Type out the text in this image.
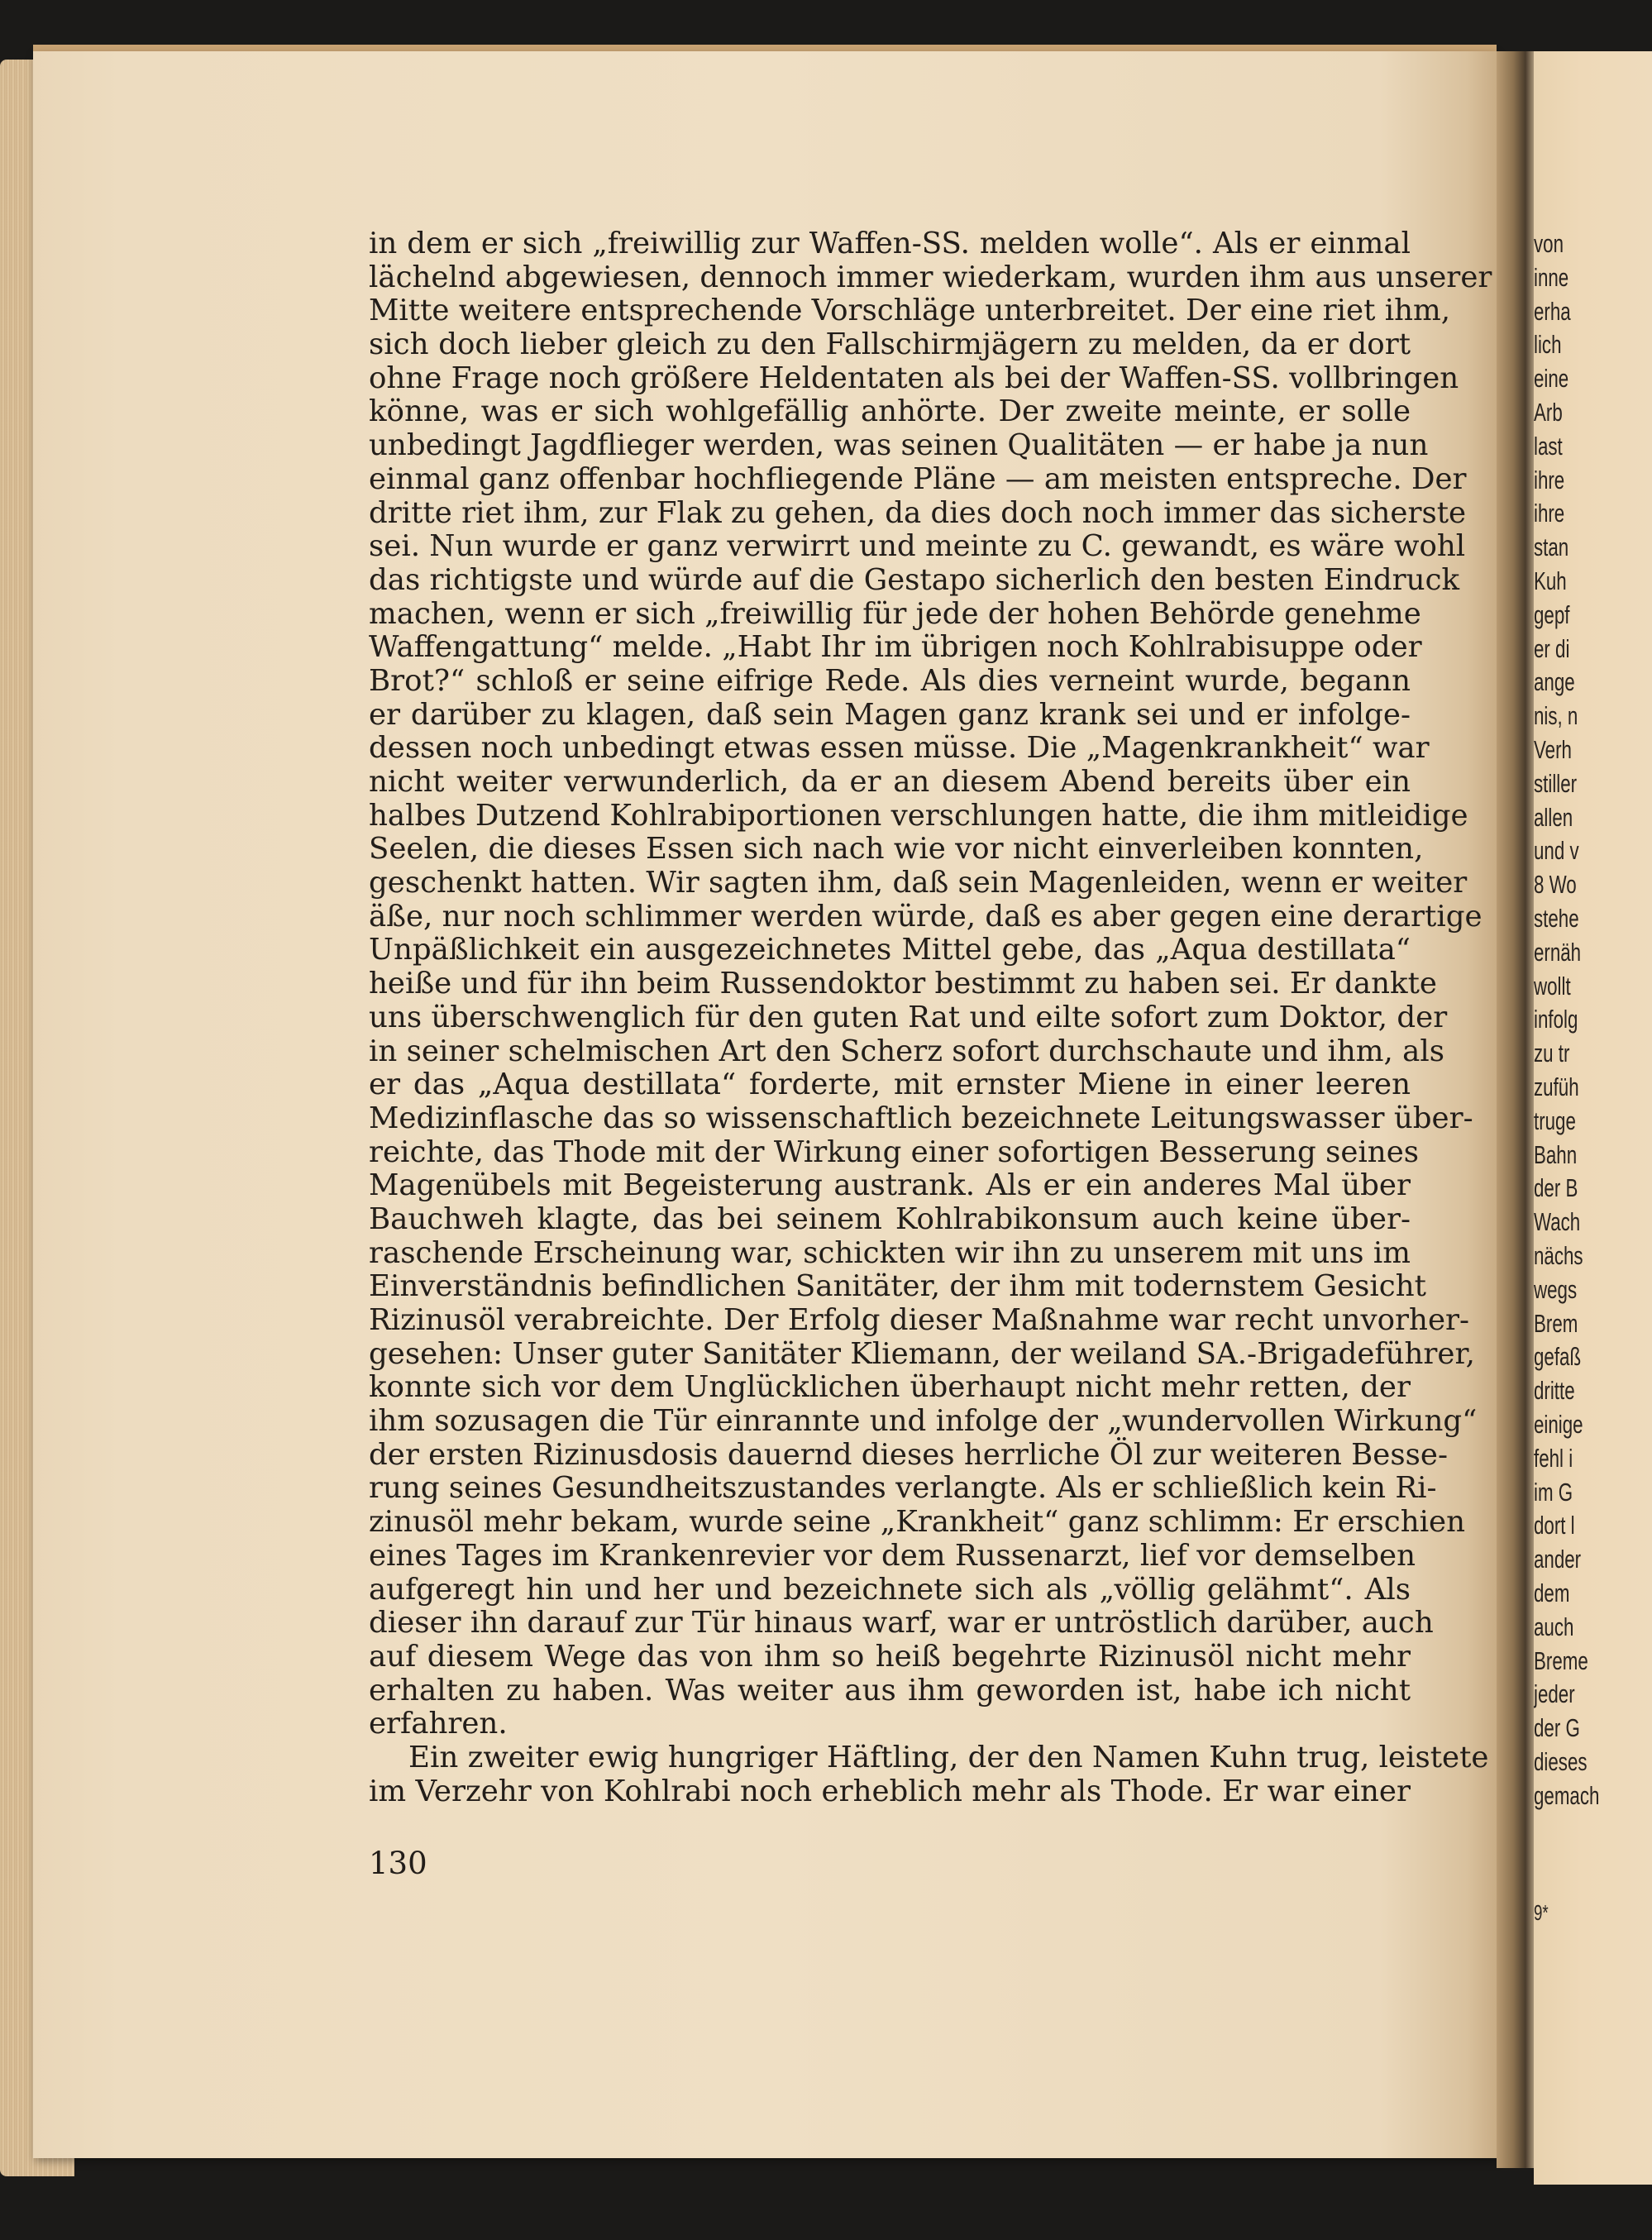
von
inne
erha
lich
eine
Arb
last
ihre
ihre
stan
Kuh
gepf
er di
ange
nis, n
Verh
stiller
allen
und v
8 Wo
stehe
ernäh
wollt
infolg
zu tr
zufüh
truge
Bahn
der B
Wach
nächs
wegs
Brem
gefaß
dritte
einige
fehl i
im G
dort l
ander
dem
auch
Breme
jeder
der G
dieses
gemach
9*
in dem er sich „freiwillig zur Waffen-SS. melden wolle“. Als er einmal
lächelnd abgewiesen, dennoch immer wiederkam, wurden ihm aus unserer
Mitte weitere entsprechende Vorschläge unterbreitet. Der eine riet ihm,
sich doch lieber gleich zu den Fallschirmjägern zu melden, da er dort
ohne Frage noch größere Heldentaten als bei der Waffen-SS. vollbringen
könne, was er sich wohlgefällig anhörte. Der zweite meinte, er solle
unbedingt Jagdflieger werden, was seinen Qualitäten — er habe ja nun
einmal ganz offenbar hochfliegende Pläne — am meisten entspreche. Der
dritte riet ihm, zur Flak zu gehen, da dies doch noch immer das sicherste
sei. Nun wurde er ganz verwirrt und meinte zu C. gewandt, es wäre wohl
das richtigste und würde auf die Gestapo sicherlich den besten Eindruck
machen, wenn er sich „freiwillig für jede der hohen Behörde genehme
Waffengattung“ melde. „Habt Ihr im übrigen noch Kohlrabisuppe oder
Brot?“ schloß er seine eifrige Rede. Als dies verneint wurde, begann
er darüber zu klagen, daß sein Magen ganz krank sei und er infolge-
dessen noch unbedingt etwas essen müsse. Die „Magenkrankheit“ war
nicht weiter verwunderlich, da er an diesem Abend bereits über ein
halbes Dutzend Kohlrabiportionen verschlungen hatte, die ihm mitleidige
Seelen, die dieses Essen sich nach wie vor nicht einverleiben konnten,
geschenkt hatten. Wir sagten ihm, daß sein Magenleiden, wenn er weiter
äße, nur noch schlimmer werden würde, daß es aber gegen eine derartige
Unpäßlichkeit ein ausgezeichnetes Mittel gebe, das „Aqua destillata“
heiße und für ihn beim Russendoktor bestimmt zu haben sei. Er dankte
uns überschwenglich für den guten Rat und eilte sofort zum Doktor, der
in seiner schelmischen Art den Scherz sofort durchschaute und ihm, als
er das „Aqua destillata“ forderte, mit ernster Miene in einer leeren
Medizinflasche das so wissenschaftlich bezeichnete Leitungswasser über-
reichte, das Thode mit der Wirkung einer sofortigen Besserung seines
Magenübels mit Begeisterung austrank. Als er ein anderes Mal über
Bauchweh klagte, das bei seinem Kohlrabikonsum auch keine über-
raschende Erscheinung war, schickten wir ihn zu unserem mit uns im
Einverständnis befindlichen Sanitäter, der ihm mit todernstem Gesicht
Rizinusöl verabreichte. Der Erfolg dieser Maßnahme war recht unvorher-
gesehen: Unser guter Sanitäter Kliemann, der weiland SA.-Brigadeführer,
konnte sich vor dem Unglücklichen überhaupt nicht mehr retten, der
ihm sozusagen die Tür einrannte und infolge der „wundervollen Wirkung“
der ersten Rizinusdosis dauernd dieses herrliche Öl zur weiteren Besse-
rung seines Gesundheitszustandes verlangte. Als er schließlich kein Ri-
zinusöl mehr bekam, wurde seine „Krankheit“ ganz schlimm: Er erschien
eines Tages im Krankenrevier vor dem Russenarzt, lief vor demselben
aufgeregt hin und her und bezeichnete sich als „völlig gelähmt“. Als
dieser ihn darauf zur Tür hinaus warf, war er untröstlich darüber, auch
auf diesem Wege das von ihm so heiß begehrte Rizinusöl nicht mehr
erhalten zu haben. Was weiter aus ihm geworden ist, habe ich nicht
erfahren.
Ein zweiter ewig hungriger Häftling, der den Namen Kuhn trug, leistete
im Verzehr von Kohlrabi noch erheblich mehr als Thode. Er war einer
130
